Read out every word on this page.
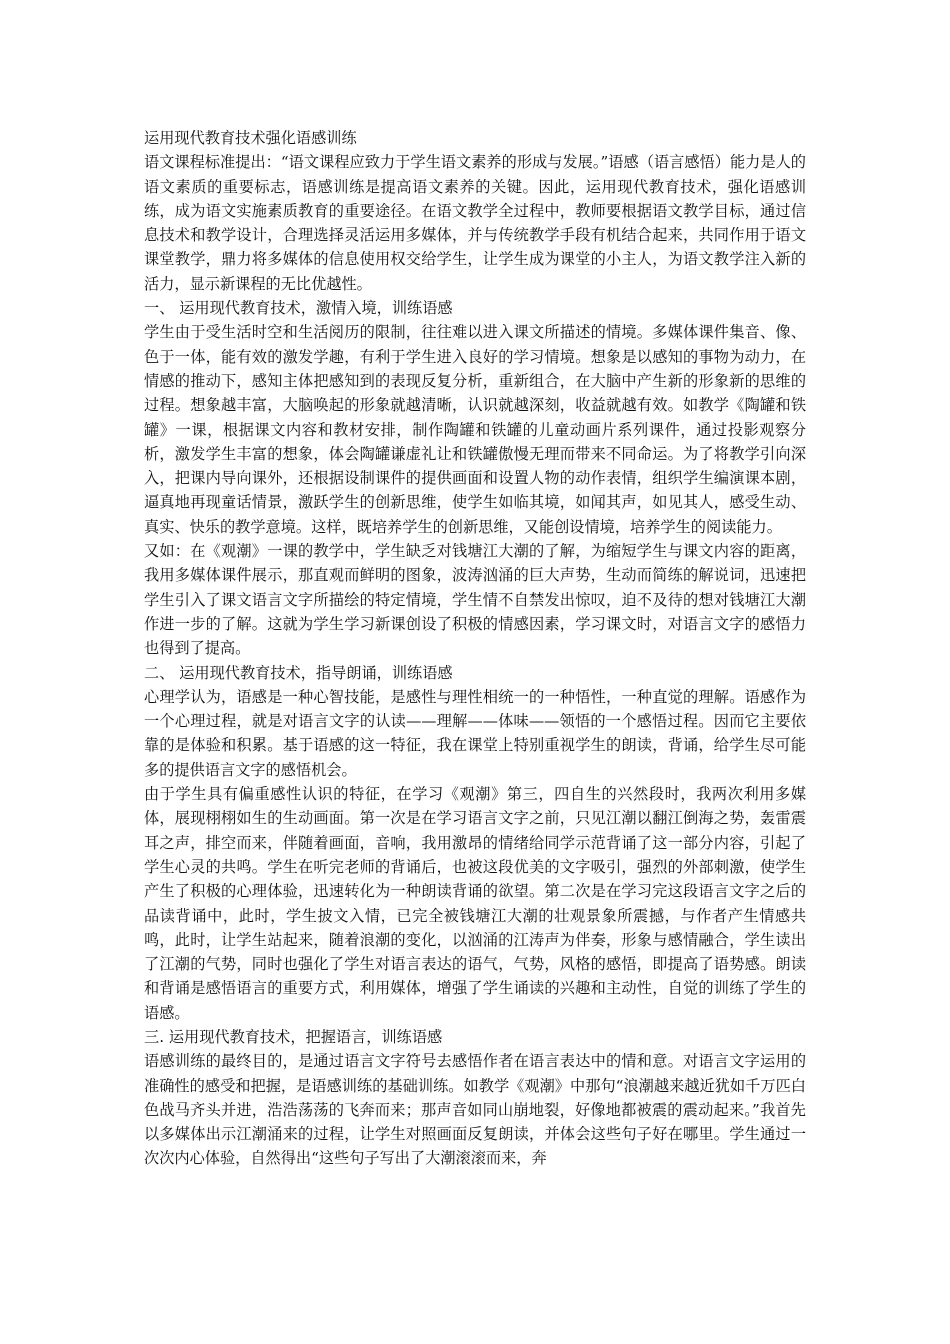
运用现代教育技术强化语感训练

语文课程标准提出：“语文课程应致力于学生语文素养的形成与发展。”语感（语言感悟）能力是人的语文素质的重要标志，语感训练是提高语文素养的关键。因此，运用现代教育技术，强化语感训练，成为语文实施素质教育的重要途径。在语文教学全过程中，教师要根据语文教学目标，通过信息技术和教学设计，合理选择灵活运用多媒体，并与传统教学手段有机结合起来，共同作用于语文课堂教学，鼎力将多媒体的信息使用权交给学生，让学生成为课堂的小主人，为语文教学注入新的活力，显示新课程的无比优越性。

一、 运用现代教育技术，激情入境，训练语感

学生由于受生活时空和生活阅历的限制，往往难以进入课文所描述的情境。多媒体课件集音、像、色于一体，能有效的激发学趣，有利于学生进入良好的学习情境。想象是以感知的事物为动力，在情感的推动下，感知主体把感知到的表现反复分析，重新组合，在大脑中产生新的形象新的思维的过程。想象越丰富，大脑唤起的形象就越清晰，认识就越深刻，收益就越有效。如教学《陶罐和铁罐》一课，根据课文内容和教材安排，制作陶罐和铁罐的儿童动画片系列课件，通过投影观察分析，激发学生丰富的想象，体会陶罐谦虚礼让和铁罐傲慢无理而带来不同命运。为了将教学引向深入，把课内导向课外，还根据设制课件的提供画面和设置人物的动作表情，组织学生编演课本剧，逼真地再现童话情景，激跃学生的创新思维，使学生如临其境，如闻其声，如见其人，感受生动、真实、快乐的教学意境。这样，既培养学生的创新思维，又能创设情境，培养学生的阅读能力。

又如：在《观潮》一课的教学中，学生缺乏对钱塘江大潮的了解，为缩短学生与课文内容的距离，我用多媒体课件展示，那直观而鲜明的图象，波涛汹涌的巨大声势，生动而简练的解说词，迅速把学生引入了课文语言文字所描绘的特定情境，学生情不自禁发出惊叹，迫不及待的想对钱塘江大潮作进一步的了解。这就为学生学习新课创设了积极的情感因素，学习课文时，对语言文字的感悟力也得到了提高。

二、 运用现代教育技术，指导朗诵，训练语感

心理学认为，语感是一种心智技能，是感性与理性相统一的一种悟性，一种直觉的理解。语感作为一个心理过程，就是对语言文字的认读——理解——体味——领悟的一个感悟过程。因而它主要依靠的是体验和积累。基于语感的这一特征，我在课堂上特别重视学生的朗读，背诵，给学生尽可能多的提供语言文字的感悟机会。

由于学生具有偏重感性认识的特征，在学习《观潮》第三，四自生的兴然段时，我两次利用多媒体，展现栩栩如生的生动画面。第一次是在学习语言文字之前，只见江潮以翻江倒海之势，轰雷震耳之声，排空而来，伴随着画面，音响，我用激昂的情绪给同学示范背诵了这一部分内容，引起了学生心灵的共鸣。学生在听完老师的背诵后，也被这段优美的文字吸引，强烈的外部刺激，使学生产生了积极的心理体验，迅速转化为一种朗读背诵的欲望。第二次是在学习完这段语言文字之后的品读背诵中，此时，学生披文入情，已完全被钱塘江大潮的壮观景象所震撼，与作者产生情感共鸣，此时，让学生站起来，随着浪潮的变化，以汹涌的江涛声为伴奏，形象与感情融合，学生读出了江潮的气势，同时也强化了学生对语言表达的语气，气势，风格的感悟，即提高了语势感。朗读和背诵是感悟语言的重要方式，利用媒体，增强了学生诵读的兴趣和主动性，自觉的训练了学生的语感。

三. 运用现代教育技术，把握语言，训练语感

语感训练的最终目的，是通过语言文字符号去感悟作者在语言表达中的情和意。对语言文字运用的准确性的感受和把握，是语感训练的基础训练。如教学《观潮》中那句“浪潮越来越近犹如千万匹白色战马齐头并进，浩浩荡荡的飞奔而来；那声音如同山崩地裂，好像地都被震的震动起来。”我首先以多媒体出示江潮涌来的过程，让学生对照画面反复朗读，并体会这些句子好在哪里。学生通过一次次内心体验，自然得出“这些句子写出了大潮滚滚而来，奔
